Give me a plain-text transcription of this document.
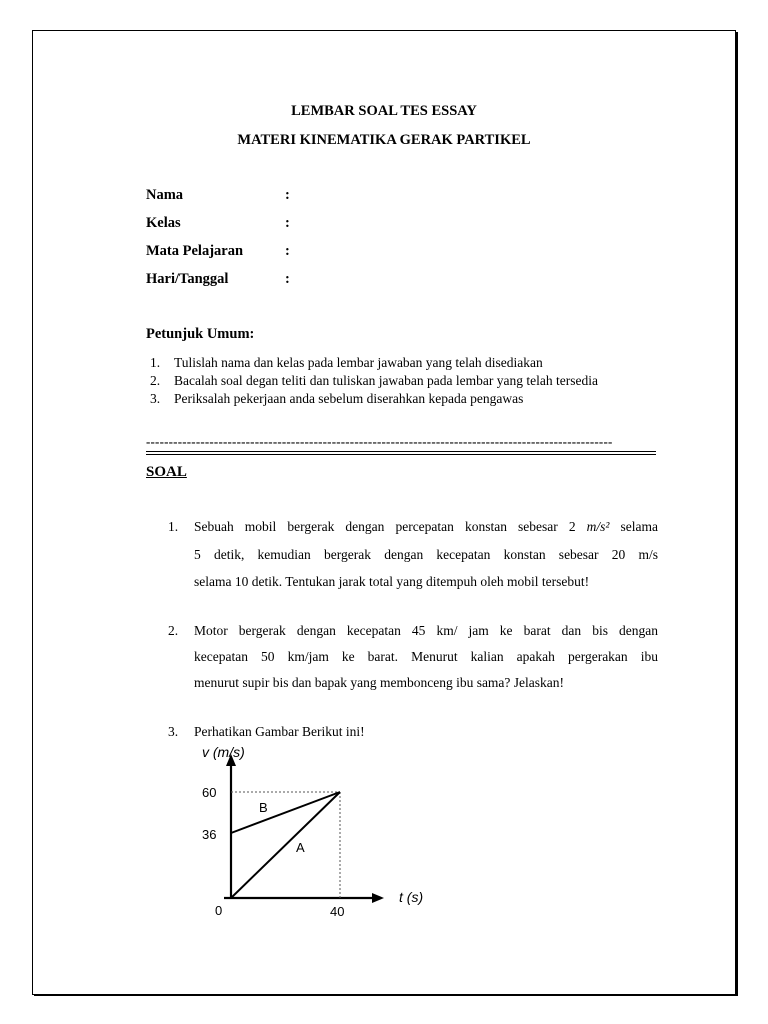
LEMBAR SOAL TES ESSAY
MATERI KINEMATIKA GERAK PARTIKEL
Nama	:
Kelas	:
Mata Pelajaran	:
Hari/Tanggal	:
Petunjuk Umum:
1. Tulislah nama dan kelas pada lembar jawaban yang telah disediakan
2. Bacalah soal degan teliti dan tuliskan jawaban pada lembar yang telah tersedia
3. Periksalah pekerjaan anda sebelum diserahkan kepada pengawas
-------------------------------------------------------------------------------------------------------
SOAL
1. Sebuah mobil bergerak dengan percepatan konstan sebesar 2 m/s² selama
5 detik, kemudian bergerak dengan kecepatan konstan sebesar 20 m/s
selama 10 detik. Tentukan jarak total yang ditempuh oleh mobil tersebut!
2. Motor bergerak dengan kecepatan 45 km/ jam ke barat dan bis dengan
kecepatan 50 km/jam ke barat. Menurut kalian apakah pergerakan ibu
menurut supir bis dan bapak yang membonceng ibu sama? Jelaskan!
3. Perhatikan Gambar Berikut ini!
v (m/s)
t (s)
60
36
0	40
B
A
